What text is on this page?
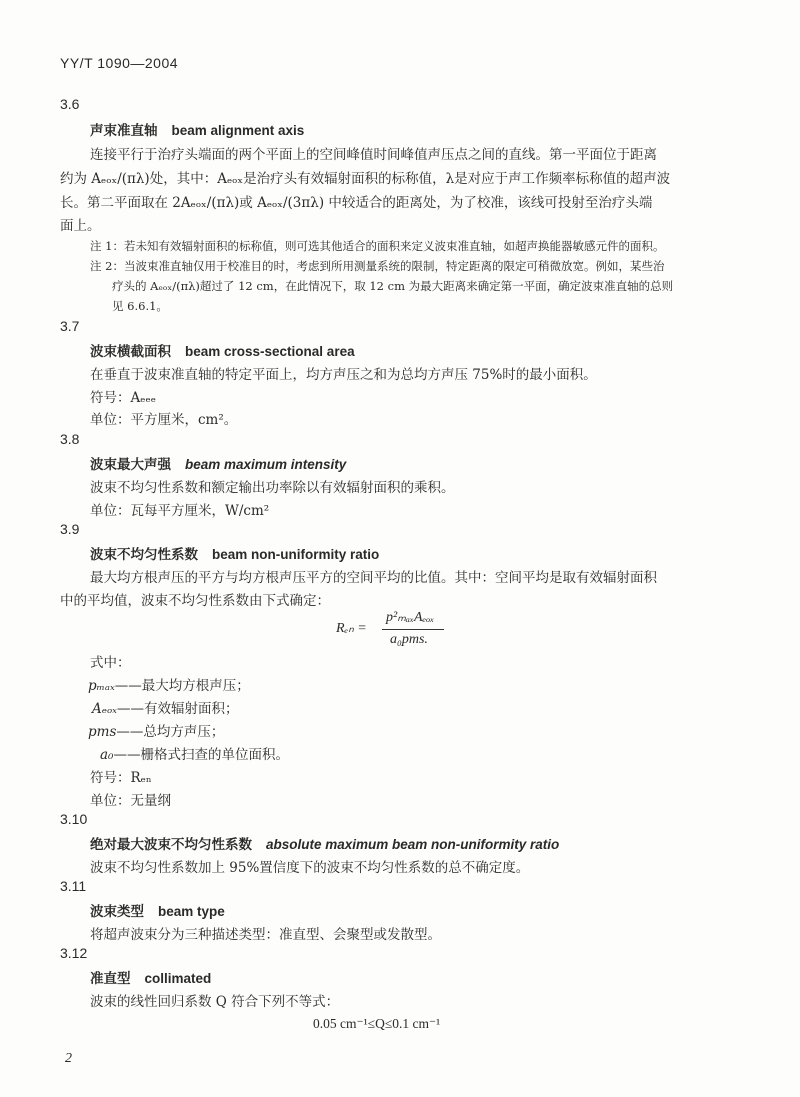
YY/T 1090—2004
3.6
声束准直轴 beam alignment axis
连接平行于治疗头端面的两个平面上的空间峰值时间峰值声压点之间的直线。第一平面位于距离
约为 Aₑₒₓ/(πλ)处，其中：Aₑₒₓ是治疗头有效辐射面积的标称值，λ是对应于声工作频率标称值的超声波
长。第二平面取在 2Aₑₒₓ/(πλ)或 Aₑₒₓ/(3πλ) 中较适合的距离处，为了校准，该线可投射至治疗头端
面上。
注 1：若未知有效辐射面积的标称值，则可选其他适合的面积来定义波束准直轴，如超声换能器敏感元件的面积。
注 2：当波束准直轴仅用于校准目的时，考虑到所用测量系统的限制，特定距离的限定可稍微放宽。例如，某些治
疗头的 Aₑₒₓ/(πλ)超过了 12 cm，在此情况下，取 12 cm 为最大距离来确定第一平面，确定波束准直轴的总则
见 6.6.1。
3.7
波束横截面积 beam cross-sectional area
在垂直于波束准直轴的特定平面上，均方声压之和为总均方声压 75%时的最小面积。
符号：Aₑₑₑ
单位：平方厘米，cm²。
3.8
波束最大声强 beam maximum intensity
波束不均匀性系数和额定输出功率除以有效辐射面积的乘积。
单位：瓦每平方厘米，W/cm²
3.9
波束不均匀性系数 beam non-uniformity ratio
最大均方根声压的平方与均方根声压平方的空间平均的比值。其中：空间平均是取有效辐射面积
中的平均值，波束不均匀性系数由下式确定：
Rₑₙ =
p²ₘₐₓAₑₒₓ
a₀pms.
式中：
pₘₐₓ——最大均方根声压；
Aₑₒₓ——有效辐射面积；
pms——总均方声压；
a₀——栅格式扫查的单位面积。
符号：Rₑₙ
单位：无量纲
3.10
绝对最大波束不均匀性系数 absolute maximum beam non-uniformity ratio
波束不均匀性系数加上 95%置信度下的波束不均匀性系数的总不确定度。
3.11
波束类型 beam type
将超声波束分为三种描述类型：准直型、会聚型或发散型。
3.12
准直型 collimated
波束的线性回归系数 Q 符合下列不等式：
0.05 cm⁻¹≤Q≤0.1 cm⁻¹
2
